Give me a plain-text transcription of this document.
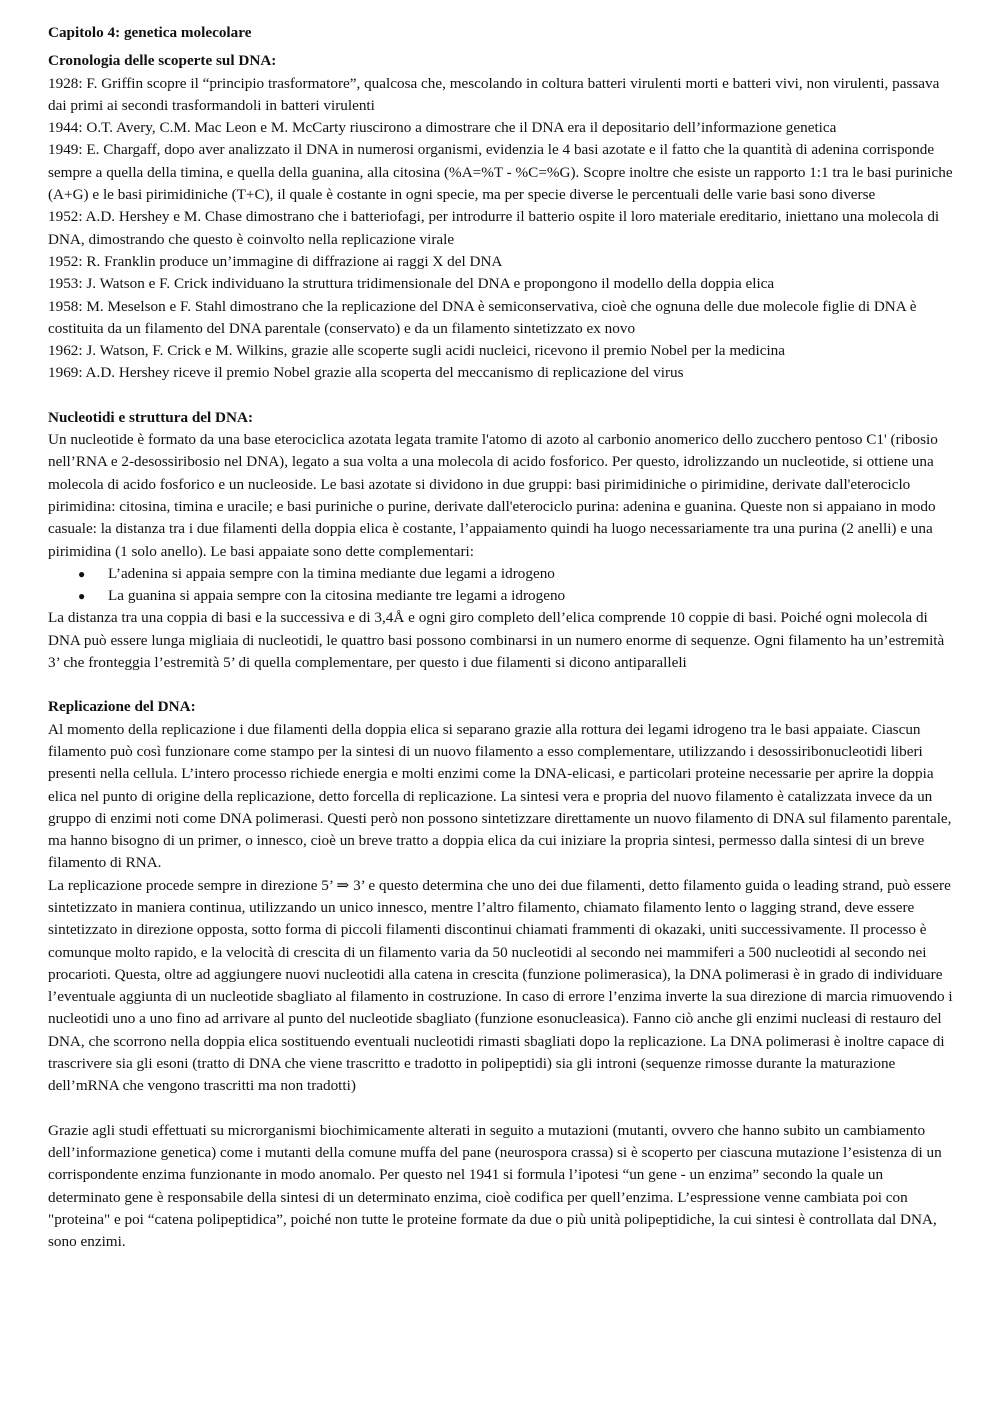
Capitolo 4: genetica molecolare
Cronologia delle scoperte sul DNA:

1928: F. Griffin scopre il “principio trasformatore”, qualcosa che, mescolando in coltura batteri virulenti morti e batteri vivi, non virulenti, passava dai primi ai secondi trasformandoli in batteri virulenti

1944: O.T. Avery, C.M. Mac Leon e M. McCarty riuscirono a dimostrare che il DNA era il depositario dell’informazione genetica

1949: E. Chargaff, dopo aver analizzato il DNA in numerosi organismi, evidenzia le 4 basi azotate e il fatto che la quantità di adenina corrisponde sempre a quella della timina, e quella della guanina, alla citosina (%A=%T - %C=%G). Scopre inoltre che esiste un rapporto 1:1 tra le basi puriniche (A+G) e le basi pirimidiniche (T+C), il quale è costante in ogni specie, ma per specie diverse le percentuali delle varie basi sono diverse

1952: A.D. Hershey e M. Chase dimostrano che i batteriofagi, per introdurre il batterio ospite il loro materiale ereditario, iniettano una molecola di DNA, dimostrando che questo è coinvolto nella replicazione virale

1952: R. Franklin produce un’immagine di diffrazione ai raggi X del DNA

1953: J. Watson e F. Crick individuano la struttura tridimensionale del DNA e propongono il modello della doppia elica

1958: M. Meselson e F. Stahl dimostrano che la replicazione del DNA è semiconservativa, cioè che ognuna delle due molecole figlie di DNA è costituita da un filamento del DNA parentale (conservato) e da un filamento sintetizzato ex novo

1962: J. Watson, F. Crick e M. Wilkins, grazie alle scoperte sugli acidi nucleici, ricevono il premio Nobel per la medicina

1969: A.D. Hershey riceve il premio Nobel grazie alla scoperta del meccanismo di replicazione del virus

Nucleotidi e struttura del DNA:

Un nucleotide è formato da una base eterociclica azotata legata tramite l'atomo di azoto al carbonio anomerico dello zucchero pentoso C1' (ribosio nell’RNA e 2-desossiribosio nel DNA), legato a sua volta a una molecola di acido fosforico. Per questo, idrolizzando un nucleotide, si ottiene una molecola di acido fosforico e un nucleoside. Le basi azotate si dividono in due gruppi: basi pirimidiniche o pirimidine, derivate dall'eterociclo pirimidina: citosina, timina e uracile; e basi puriniche o purine, derivate dall'eterociclo purina: adenina e guanina. Queste non si appaiano in modo casuale: la distanza tra i due filamenti della doppia elica è costante, l’appaiamento quindi ha luogo necessariamente tra una purina (2 anelli) e una pirimidina (1 solo anello). Le basi appaiate sono dette complementari:

● L’adenina si appaia sempre con la timina mediante due legami a idrogeno
● La guanina si appaia sempre con la citosina mediante tre legami a idrogeno

La distanza tra una coppia di basi e la successiva e di 3,4Å e ogni giro completo dell’elica comprende 10 coppie di basi. Poiché ogni molecola di DNA può essere lunga migliaia di nucleotidi, le quattro basi possono combinarsi in un numero enorme di sequenze. Ogni filamento ha un’estremità 3’ che fronteggia l’estremità 5’ di quella complementare, per questo i due filamenti si dicono antiparalleli

Replicazione del DNA:

Al momento della replicazione i due filamenti della doppia elica si separano grazie alla rottura dei legami idrogeno tra le basi appaiate. Ciascun filamento può così funzionare come stampo per la sintesi di un nuovo filamento a esso complementare, utilizzando i desossiribonucleotidi liberi presenti nella cellula. L’intero processo richiede energia e molti enzimi come la DNA-elicasi, e particolari proteine necessarie per aprire la doppia elica nel punto di origine della replicazione, detto forcella di replicazione. La sintesi vera e propria del nuovo filamento è catalizzata invece da un gruppo di enzimi noti come DNA polimerasi. Questi però non possono sintetizzare direttamente un nuovo filamento di DNA sul filamento parentale, ma hanno bisogno di un primer, o innesco, cioè un breve tratto a doppia elica da cui iniziare la propria sintesi, permesso dalla sintesi di un breve filamento di RNA.

La replicazione procede sempre in direzione 5’ ⇒ 3’ e questo determina che uno dei due filamenti, detto filamento guida o leading strand, può essere sintetizzato in maniera continua, utilizzando un unico innesco, mentre l’altro filamento, chiamato filamento lento o lagging strand, deve essere sintetizzato in direzione opposta, sotto forma di piccoli filamenti discontinui chiamati frammenti di okazaki, uniti successivamente. Il processo è comunque molto rapido, e la velocità di crescita di un filamento varia da 50 nucleotidi al secondo nei mammiferi a 500 nucleotidi al secondo nei procarioti. Questa, oltre ad aggiungere nuovi nucleotidi alla catena in crescita (funzione polimerasica), la DNA polimerasi è in grado di individuare l’eventuale aggiunta di un nucleotide sbagliato al filamento in costruzione. In caso di errore l’enzima inverte la sua direzione di marcia rimuovendo i nucleotidi uno a uno fino ad arrivare al punto del nucleotide sbagliato (funzione esonucleasica). Fanno ciò anche gli enzimi nucleasi di restauro del DNA, che scorrono nella doppia elica sostituendo eventuali nucleotidi rimasti sbagliati dopo la replicazione. La DNA polimerasi è inoltre capace di trascrivere sia gli esoni (tratto di DNA che viene trascritto e tradotto in polipeptidi) sia gli introni (sequenze rimosse durante la maturazione dell’mRNA che vengono trascritti ma non tradotti)

Grazie agli studi effettuati su microrganismi biochimicamente alterati in seguito a mutazioni (mutanti, ovvero che hanno subito un cambiamento dell’informazione genetica) come i mutanti della comune muffa del pane (neurospora crassa) si è scoperto per ciascuna mutazione l’esistenza di un corrispondente enzima funzionante in modo anomalo. Per questo nel 1941 si formula l’ipotesi “un gene - un enzima” secondo la quale un determinato gene è responsabile della sintesi di un determinato enzima, cioè codifica per quell’enzima. L’espressione venne cambiata poi con "proteina" e poi “catena polipeptidica”, poiché non tutte le proteine formate da due o più unità polipeptidiche, la cui sintesi è controllata dal DNA, sono enzimi.
